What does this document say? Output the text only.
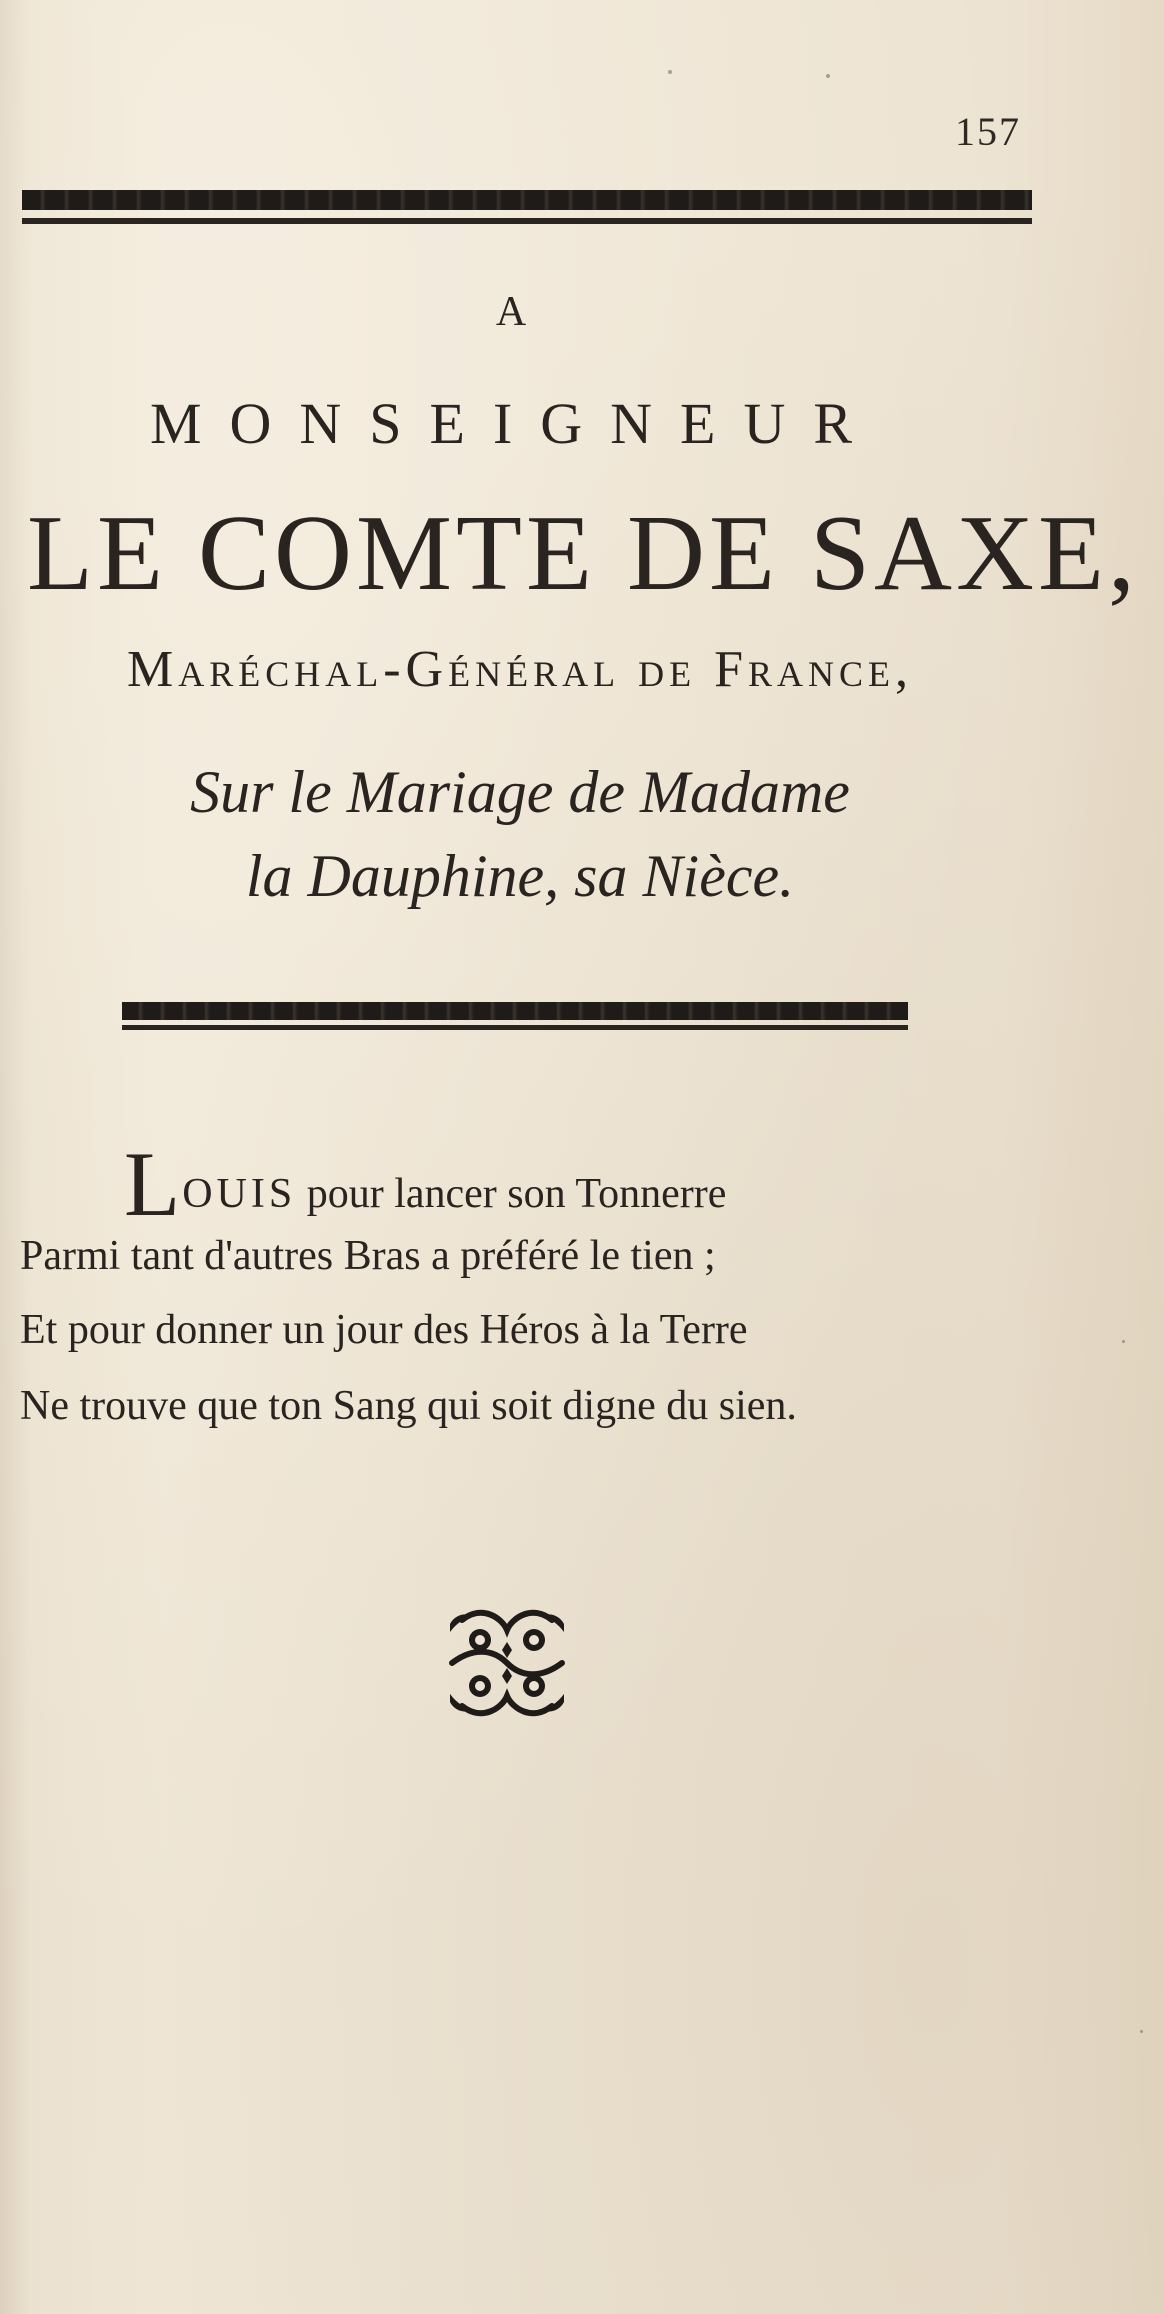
157
A
MONSEIGNEUR
LE COMTE DE SAXE,
Maréchal-Général de France,
Sur le Mariage de Madame
la Dauphine, sa Nièce.
LOUIS pour lancer son Tonnerre
Parmi tant d'autres Bras a préféré le tien ;
Et pour donner un jour des Héros à la Terre
Ne trouve que ton Sang qui soit digne du sien.
